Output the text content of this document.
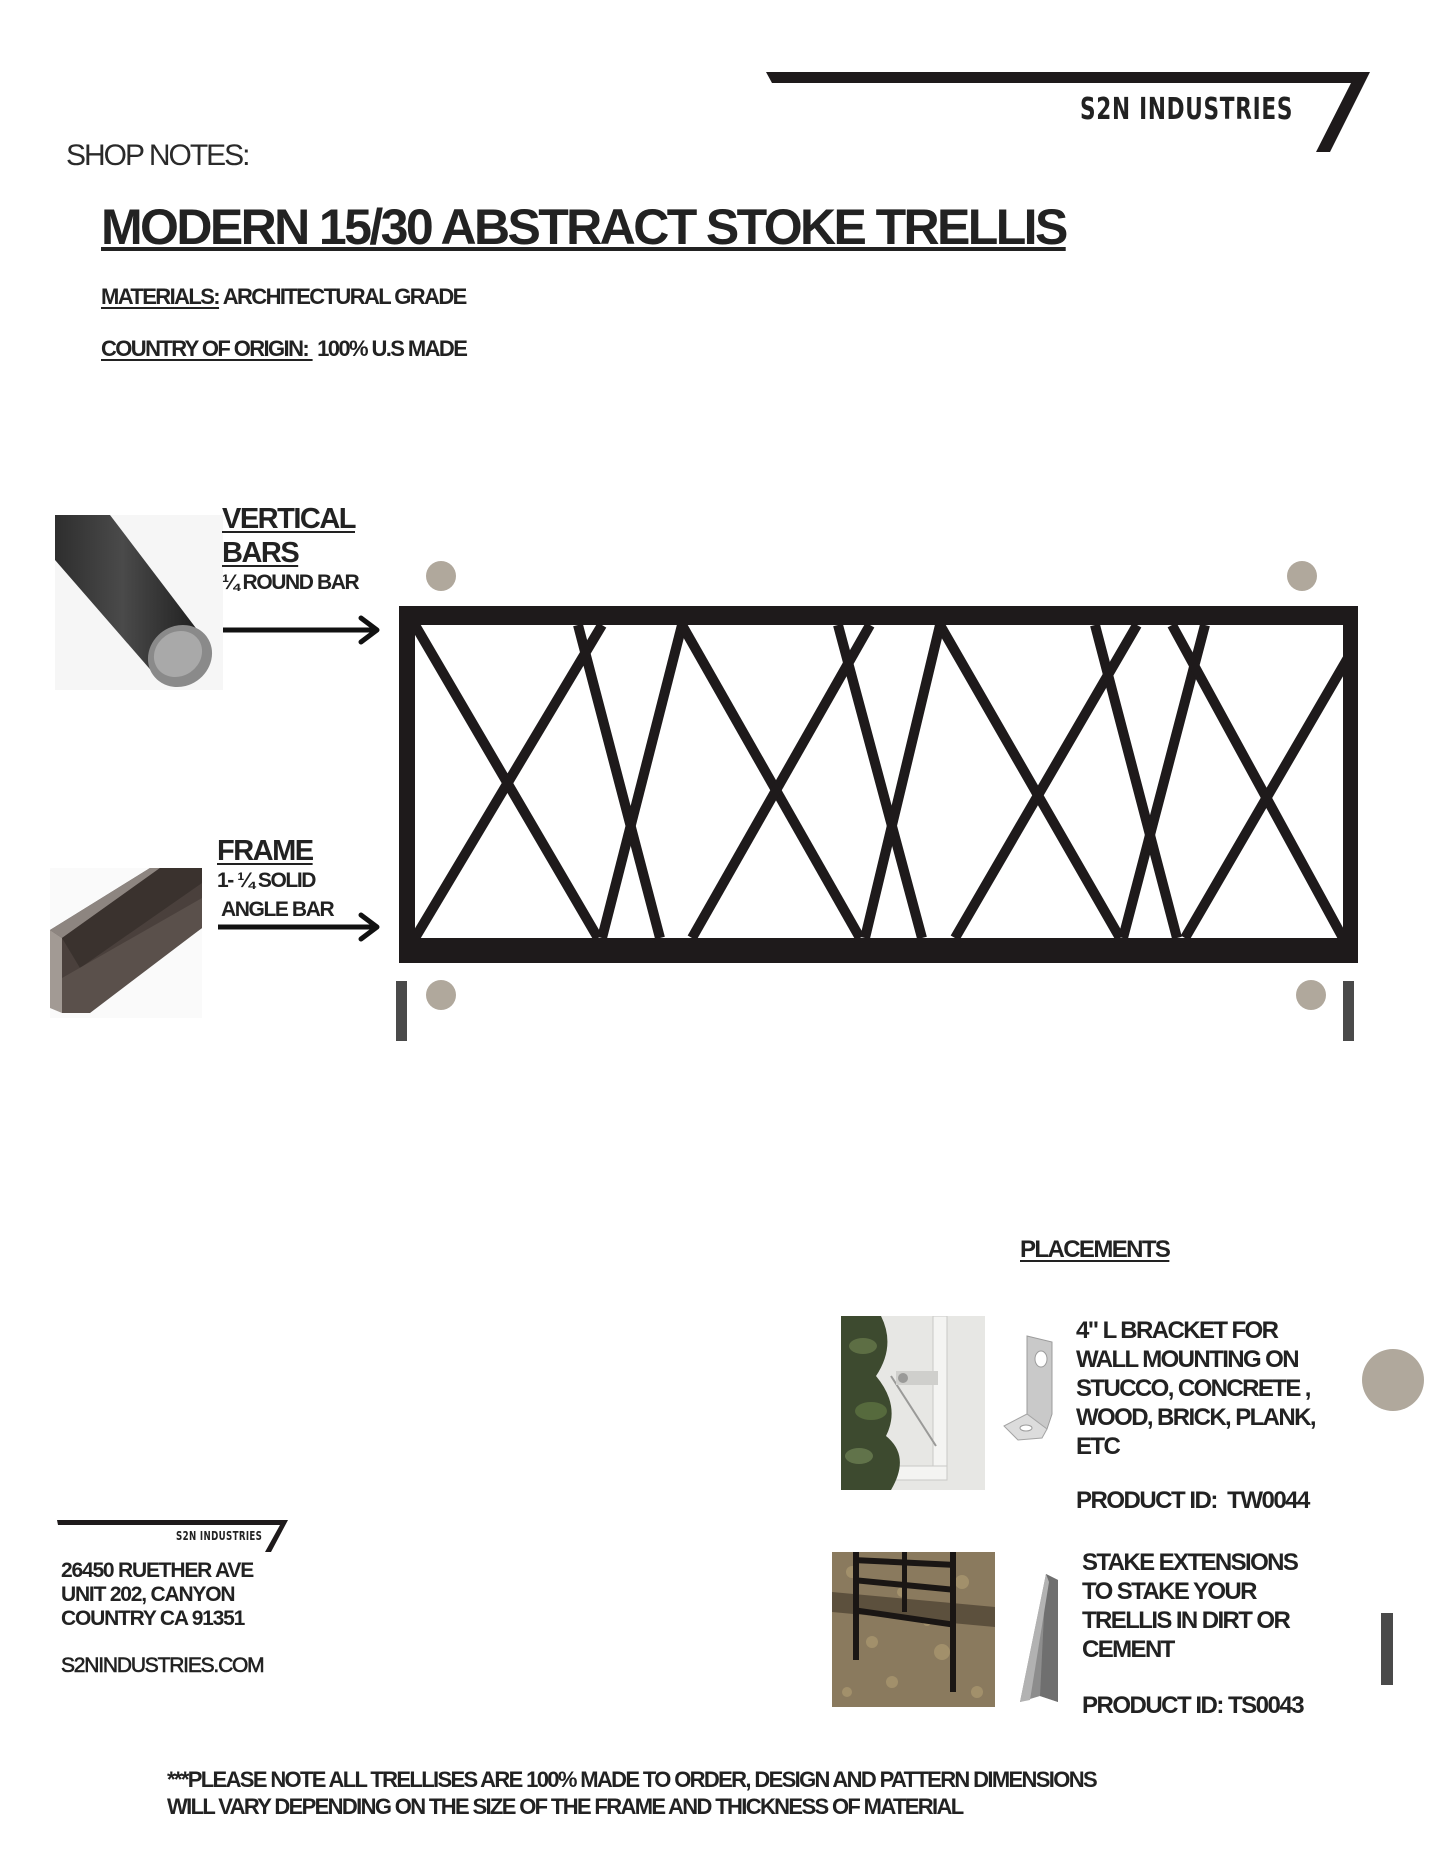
S2N INDUSTRIES
SHOP NOTES:
MODERN 15/30 ABSTRACT STOKE TRELLIS
MATERIALS: ARCHITECTURAL GRADE
COUNTRY OF ORIGIN:  100% U.S MADE
VERTICAL
BARS
¼ ROUND BAR
FRAME
1- ¼ SOLID
ANGLE BAR
PLACEMENTS
4" L BRACKET FOR
WALL MOUNTING ON
STUCCO, CONCRETE ,
WOOD, BRICK, PLANK,
ETC
PRODUCT ID:  TW0044
STAKE EXTENSIONS
TO STAKE YOUR
TRELLIS IN DIRT OR
CEMENT
PRODUCT ID: TS0043
S2N INDUSTRIES
26450 RUETHER AVE
UNIT 202, CANYON
COUNTRY CA 91351
S2NINDUSTRIES.COM
***PLEASE NOTE ALL TRELLISES ARE 100% MADE TO ORDER, DESIGN AND PATTERN DIMENSIONS
WILL VARY DEPENDING ON THE SIZE OF THE FRAME AND THICKNESS OF MATERIAL
